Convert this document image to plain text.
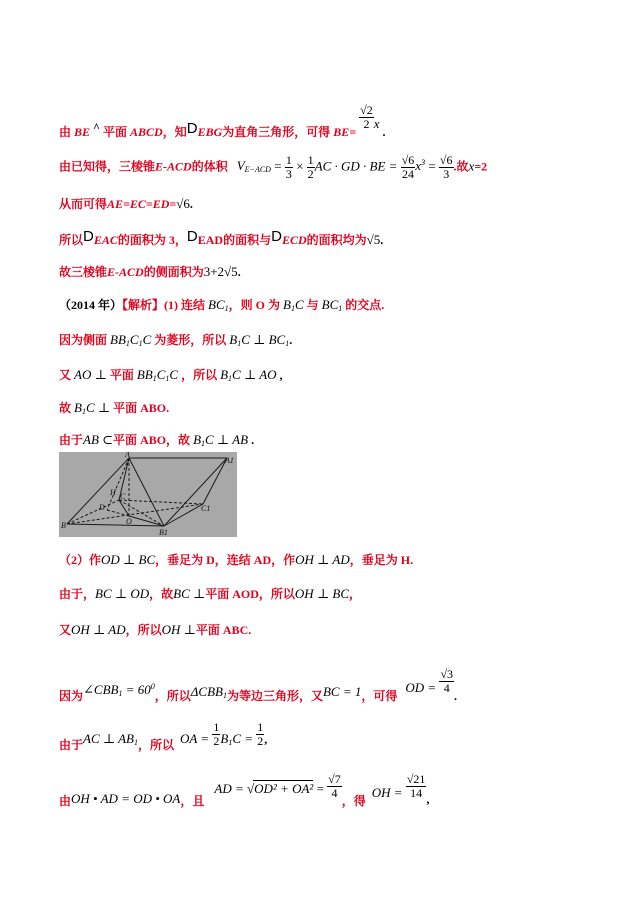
由 BE ^ 平面 ABCD，知DEBG为直角三角形，可得 BE=
$\frac{√2}{2}$ x .
由已知得，三棱锥E-ACD的体积 $V_{E-ACD} = \frac{1}{3} \times \frac{1}{2}$ AC · GD · BE = $\frac{√6}{24} x^3 = \frac{√6}{3}$ .故x=2
从而可得AE=EC=ED=√6.
所以DEAC的面积为 3，DEAD的面积与DECD的面积均为√5.
故三棱锥E-ACD的侧面积为3+2√5.
（2014 年）【解析】(1) 连结 $BC_1$，则 O 为 $B_1C$ 与 $BC_1$ 的交点.
因为侧面 $BB_1C_1C$ 为菱形，所以 $B_1C$ ⊥ $BC_1$.
又 AO ⊥ 平面 $BB_1C_1C$ ，所以 $B_1C$ ⊥ AO ,
故 $B_1C$ ⊥ 平面 ABO.
由于AB ⊂平面 ABO，故 $B_1C$ ⊥ AB .
A
A1
H C
D
O
C1
B
B1
（2）作OD ⊥ BC，垂足为 D，连结 AD，作OH ⊥ AD，垂足为 H.
由于，BC ⊥ OD，故BC ⊥平面 AOD，所以OH ⊥ BC，
又OH ⊥ AD，所以OH ⊥平面 ABC.
因为$\angle CBB_1 = 60^0$，所以$\Delta CBB_1$为等边三角形，又BC = 1，可得OD = $\frac{√3}{4}$
.
由于AC ⊥ $AB_1$，所以 OA = $\frac{1}{2} B_1C = \frac{1}{2}$ ,
由OH • AD = OD • OA，且AD = $√OD^2 + OA^2 = \frac{√7}{4}$
，得OH = $\frac{√21}{14}$ ,
